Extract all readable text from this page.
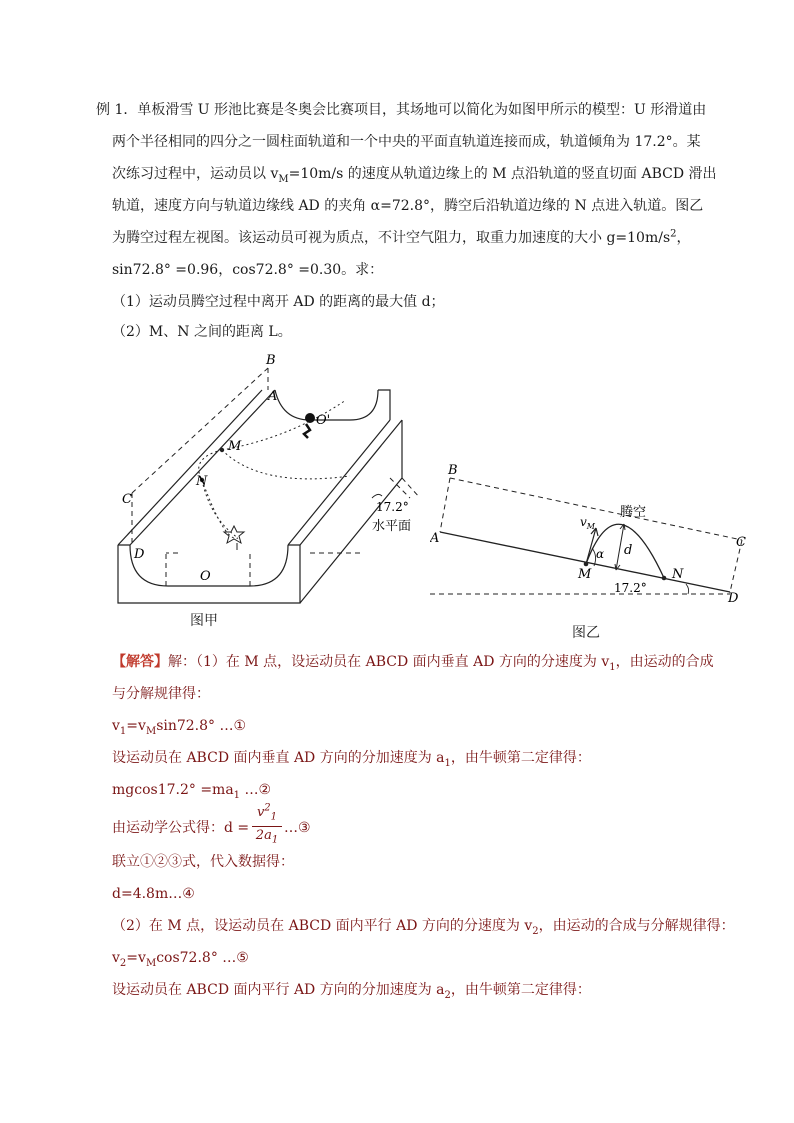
例 1．单板滑雪 U 形池比赛是冬奥会比赛项目，其场地可以简化为如图甲所示的模型：U 形滑道由
两个半径相同的四分之一圆柱面轨道和一个中央的平面直轨道连接而成，轨道倾角为 17.2°。某
次练习过程中，运动员以 $v_M=10m/s$ 的速度从轨道边缘上的 M 点沿轨道的竖直切面 ABCD 滑出
轨道，速度方向与轨道边缘线 AD 的夹角 α=72.8°，腾空后沿轨道边缘的 N 点进入轨道。图乙
为腾空过程左视图。该运动员可视为质点，不计空气阻力，取重力加速度的大小 $g=10m/s^2$，
sin72.8° =0.96，cos72.8° =0.30。求：
（1）运动员腾空过程中离开 AD 的距离的最大值 d；
（2）M、N 之间的距离 L。
B
A
O'
M
N
C
D
O
17.2°
水平面
图甲
B
A	C
D
M	N
$v_M$
α d
腾空
17.2°
图乙
【解答】解：（1）在 M 点，设运动员在 ABCD 面内垂直 AD 方向的分速度为 $v_1$，由运动的合成
与分解规律得：
$v_1=v_M\sin 72.8^\circ$ …①
设运动员在 ABCD 面内垂直 AD 方向的分加速度为 $a_1$，由牛顿第二定律得：
$mgcos17.2^\circ =ma_1$ …②
由运动学公式得：d =
$v^2_1$
$2a_1$
…③
联立①②③式，代入数据得：
d=4.8m…④
（2）在 M 点，设运动员在 ABCD 面内平行 AD 方向的分速度为 $v_2$，由运动的合成与分解规律得：
$v_2=v_M\cos 72.8^\circ$ …⑤
设运动员在 ABCD 面内平行 AD 方向的分加速度为 $a_2$，由牛顿第二定律得：
